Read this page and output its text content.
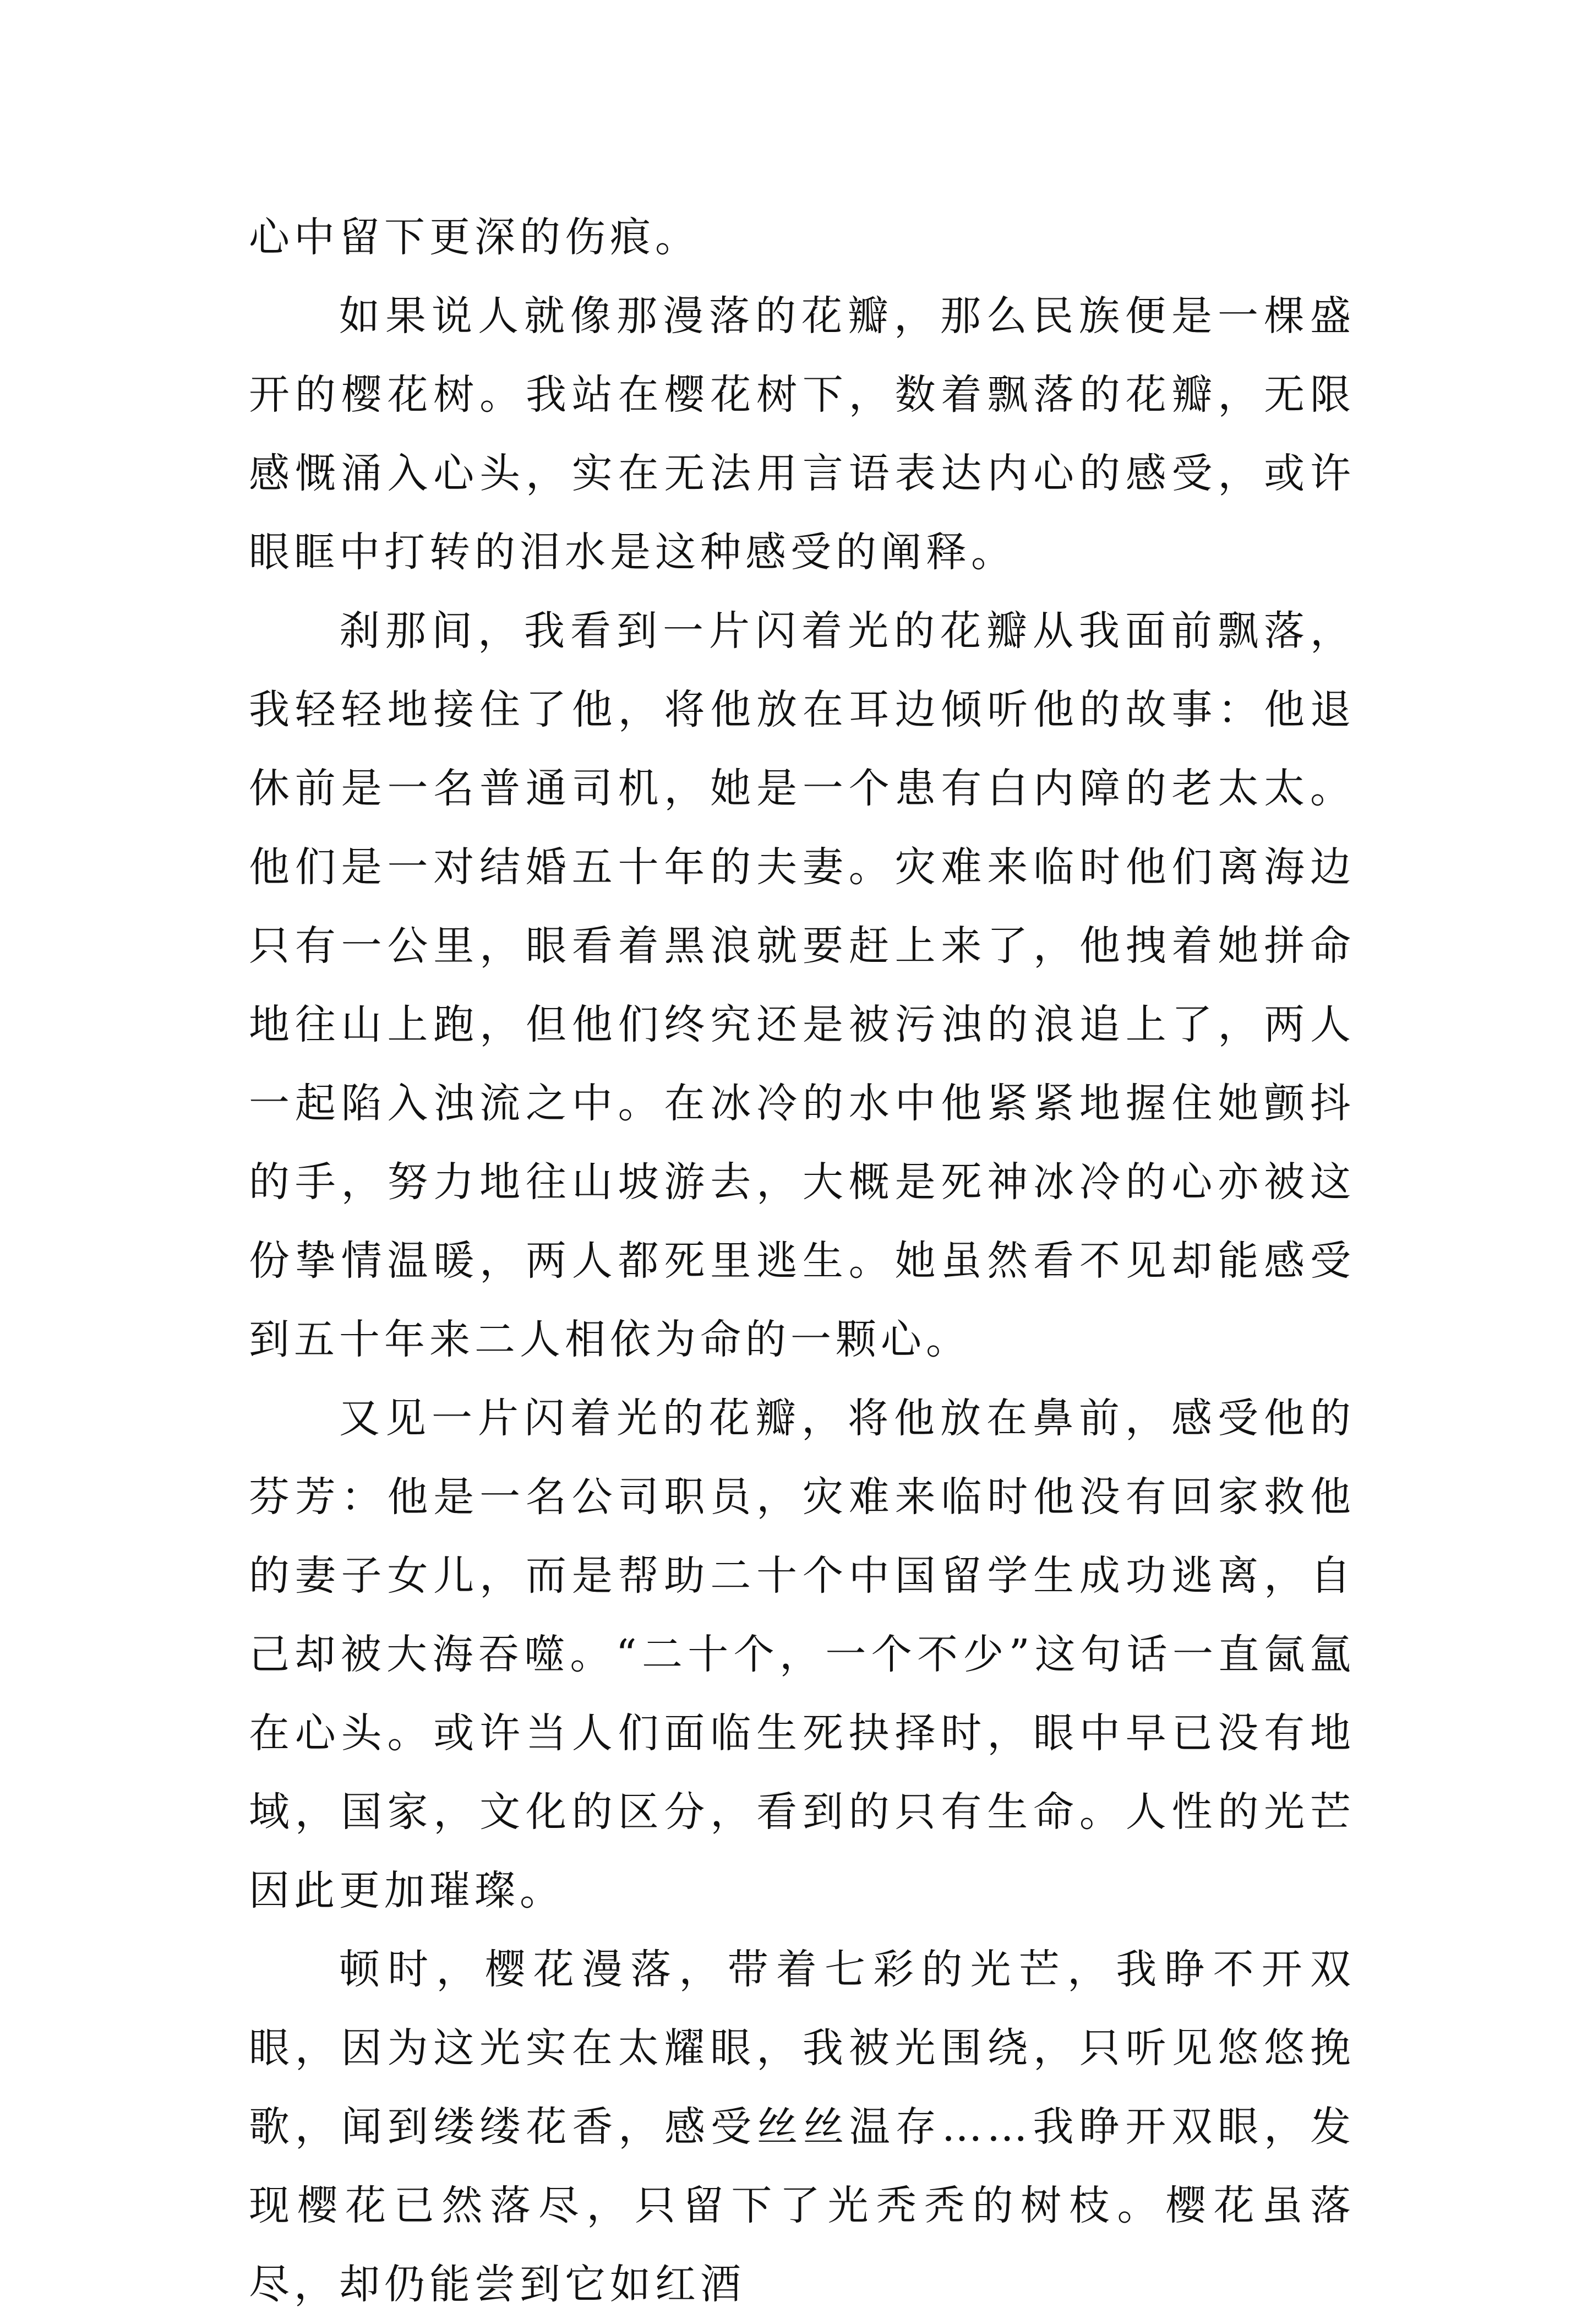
心中留下更深的伤痕。

如果说人就像那漫落的花瓣，那么民族便是一棵盛开的樱花树。我站在樱花树下，数着飘落的花瓣，无限感慨涌入心头，实在无法用言语表达内心的感受，或许眼眶中打转的泪水是这种感受的阐释。

刹那间，我看到一片闪着光的花瓣从我面前飘落，我轻轻地接住了他，将他放在耳边倾听他的故事：他退休前是一名普通司机，她是一个患有白内障的老太太。他们是一对结婚五十年的夫妻。灾难来临时他们离海边只有一公里，眼看着黑浪就要赶上来了，他拽着她拼命地往山上跑，但他们终究还是被污浊的浪追上了，两人一起陷入浊流之中。在冰冷的水中他紧紧地握住她颤抖的手，努力地往山坡游去，大概是死神冰冷的心亦被这份挚情温暖，两人都死里逃生。她虽然看不见却能感受到五十年来二人相依为命的一颗心。

又见一片闪着光的花瓣，将他放在鼻前，感受他的芬芳：他是一名公司职员，灾难来临时他没有回家救他的妻子女儿，而是帮助二十个中国留学生成功逃离，自己却被大海吞噬。“二十个，一个不少”这句话一直氤氲在心头。或许当人们面临生死抉择时，眼中早已没有地域，国家，文化的区分，看到的只有生命。人性的光芒因此更加璀璨。

顿时，樱花漫落，带着七彩的光芒，我睁不开双眼，因为这光实在太耀眼，我被光围绕，只听见悠悠挽歌，闻到缕缕花香，感受丝丝温存……我睁开双眼，发现樱花已然落尽，只留下了光秃秃的树枝。樱花虽落尽，却仍能尝到它如红酒
